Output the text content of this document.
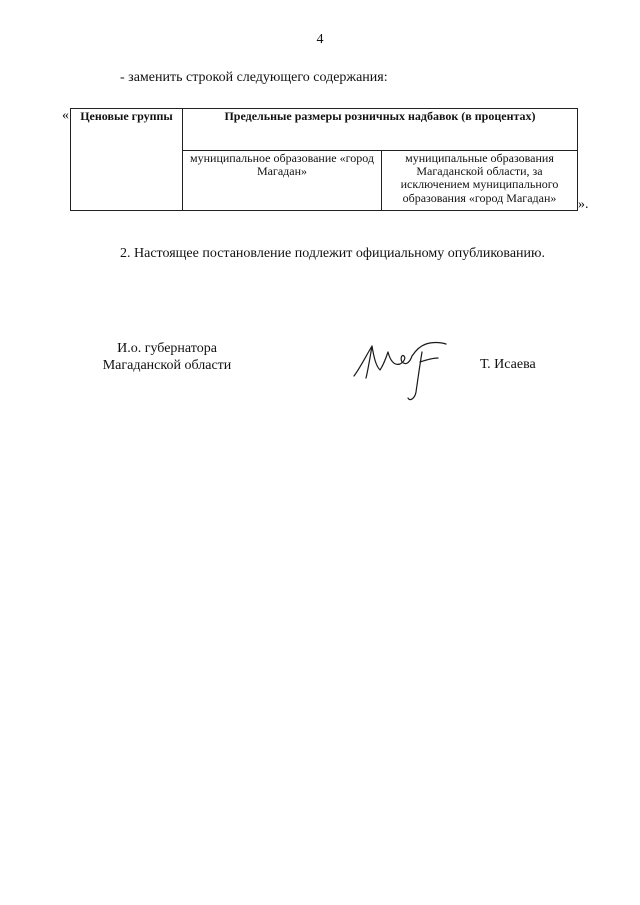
4
- заменить строкой следующего содержания:
« Ценовые группы	Предельные размеры розничных надбавок (в процентах)	
	муниципальное образование «город Магадан»	муниципальные образования Магаданской области, за исключением муниципального образования «город Магадан» ».
2. Настоящее постановление подлежит официальному опубликованию.
И.о. губернатора
Магаданской области	Т. Исаева
